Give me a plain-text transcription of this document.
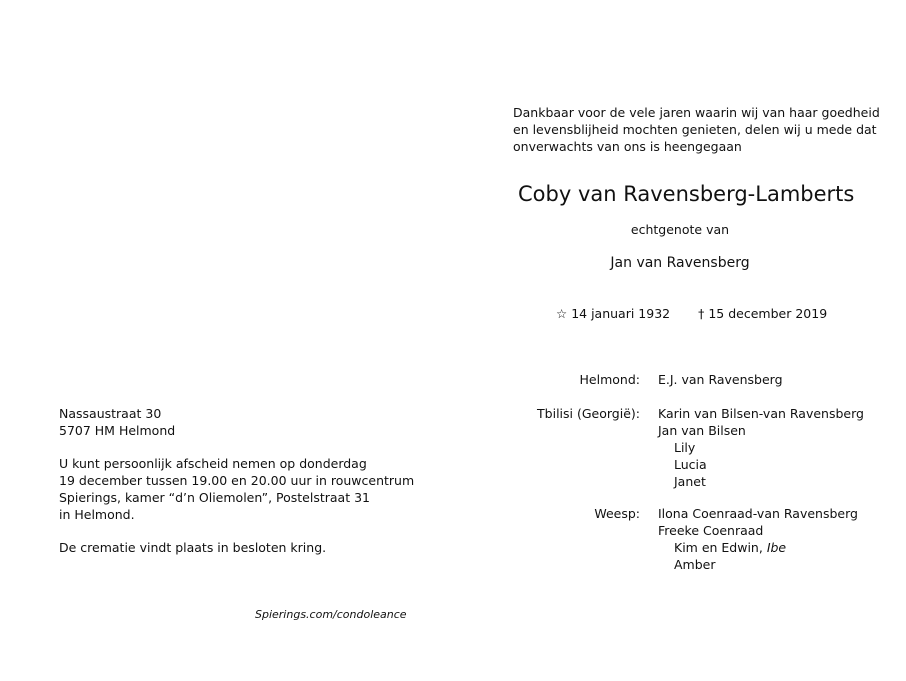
Dankbaar voor de vele jaren waarin wij van haar goedheid
en levensblijheid mochten genieten, delen wij u mede dat
onverwachts van ons is heengegaan
Coby van Ravensberg-Lamberts
echtgenote van
Jan van Ravensberg
☆ 14 januari 1932 † 15 december 2019
Helmond: E.J. van Ravensberg
Tbilisi (Georgië): Karin van Bilsen-van Ravensberg
Jan van Bilsen
Lily
Lucia
Janet
Weesp: Ilona Coenraad-van Ravensberg
Freeke Coenraad
Kim en Edwin, Ibe
Amber
Nassaustraat 30
5707 HM Helmond
U kunt persoonlijk afscheid nemen op donderdag
19 december tussen 19.00 en 20.00 uur in rouwcentrum
Spierings, kamer “d’n Oliemolen”, Postelstraat 31
in Helmond.
De crematie vindt plaats in besloten kring.
Spierings.com/condoleance
